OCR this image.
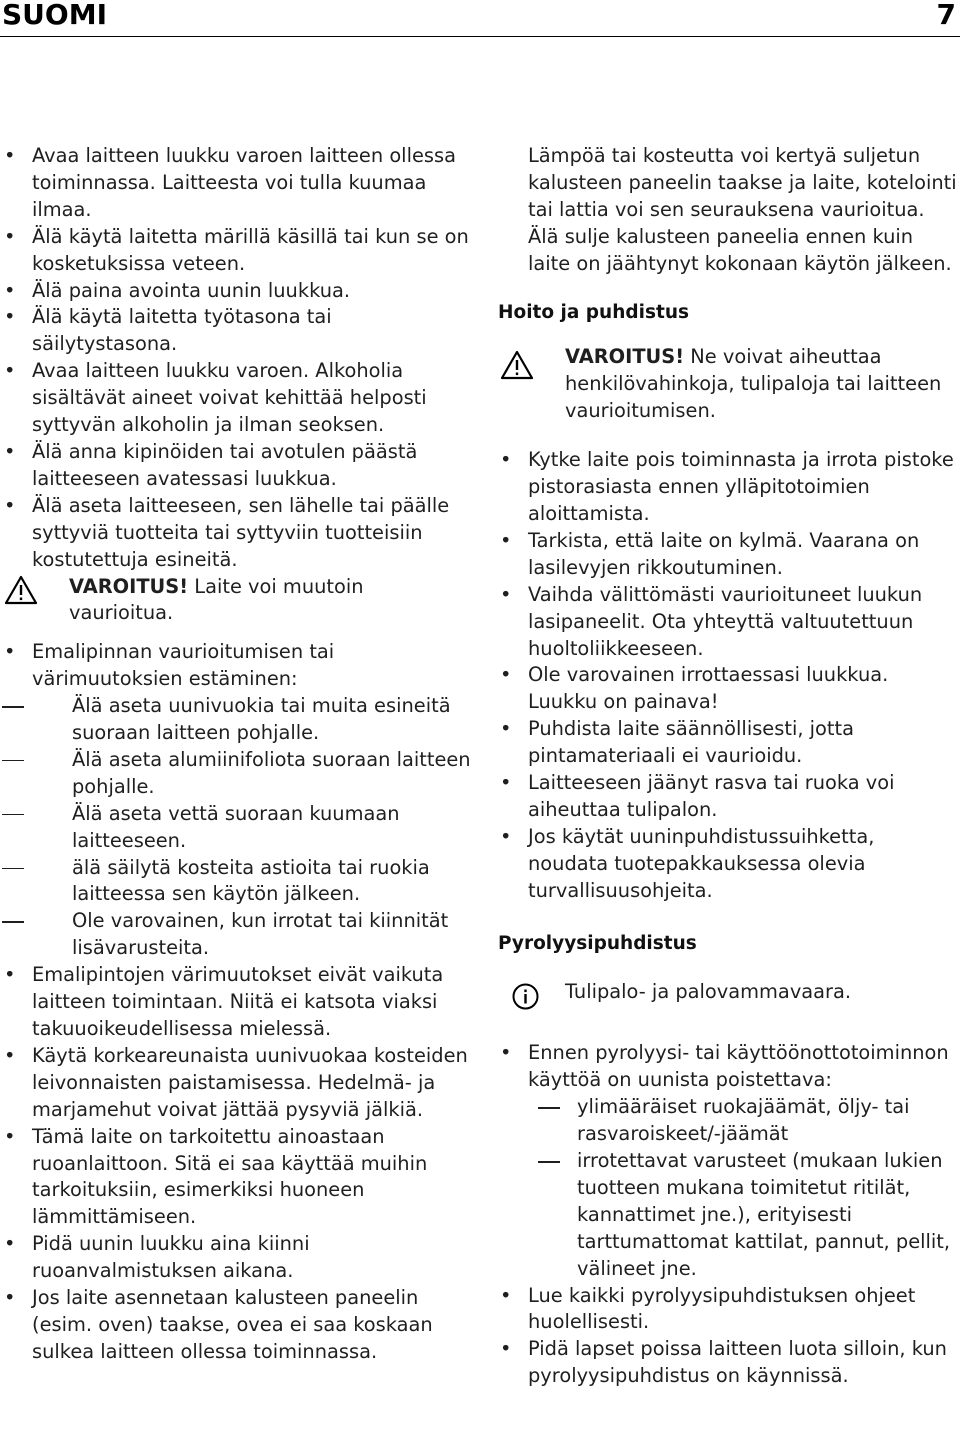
SUOMI	7
• Avaa laitteen luukku varoen laitteen ollessa toiminnassa. Laitteesta voi tulla kuumaa ilmaa.
• Älä käytä laitetta märillä käsillä tai kun se on kosketuksissa veteen.
• Älä paina avointa uunin luukkua.
• Älä käytä laitetta työtasona tai säilytystasona.
• Avaa laitteen luukku varoen. Alkoholia sisältävät aineet voivat kehittää helposti syttyvän alkoholin ja ilman seoksen.
• Älä anna kipinöiden tai avotulen päästä laitteeseen avatessasi luukkua.
• Älä aseta laitteeseen, sen lähelle tai päälle syttyviä tuotteita tai syttyviin tuotteisiin kostutettuja esineitä.
VAROITUS! Laite voi muutoin vaurioitua.
• Emalipinnan vaurioitumisen tai värimuutoksien estäminen:
Älä aseta uunivuokia tai muita esineitä suoraan laitteen pohjalle.
Älä aseta alumiinifoliota suoraan laitteen pohjalle.
Älä aseta vettä suoraan kuumaan laitteeseen.
älä säilytä kosteita astioita tai ruokia laitteessa sen käytön jälkeen.
Ole varovainen, kun irrotat tai kiinnität lisävarusteita.
• Emalipintojen värimuutokset eivät vaikuta laitteen toimintaan. Niitä ei katsota viaksi takuuoikeudellisessa mielessä.
• Käytä korkeareunaista uunivuokaa kosteiden leivonnaisten paistamisessa. Hedelmä- ja marjamehut voivat jättää pysyviä jälkiä.
• Tämä laite on tarkoitettu ainoastaan ruoanlaittoon. Sitä ei saa käyttää muihin tarkoituksiin, esimerkiksi huoneen lämmittämiseen.
• Pidä uunin luukku aina kiinni ruoanvalmistuksen aikana.
• Jos laite asennetaan kalusteen paneelin (esim. oven) taakse, ovea ei saa koskaan sulkea laitteen ollessa toiminnassa.

Lämpöä tai kosteutta voi kertyä suljetun kalusteen paneelin taakse ja laite, kotelointi tai lattia voi sen seurauksena vaurioitua. Älä sulje kalusteen paneelia ennen kuin laite on jäähtynyt kokonaan käytön jälkeen.

Hoito ja puhdistus
VAROITUS! Ne voivat aiheuttaa henkilövahinkoja, tulipaloja tai laitteen vaurioitumisen.
• Kytke laite pois toiminnasta ja irrota pistoke pistorasiasta ennen ylläpitotoimien aloittamista.
• Tarkista, että laite on kylmä. Vaarana on lasilevyjen rikkoutuminen.
• Vaihda välittömästi vaurioituneet luukun lasipaneelit. Ota yhteyttä valtuutettuun huoltoliikkeeseen.
• Ole varovainen irrottaessasi luukkua. Luukku on painava!
• Puhdista laite säännöllisesti, jotta pintamateriaali ei vaurioidu.
• Laitteeseen jäänyt rasva tai ruoka voi aiheuttaa tulipalon.
• Jos käytät uuninpuhdistussuihketta, noudata tuotepakkauksessa olevia turvallisuusohjeita.
Pyrolyysipuhdistus
Tulipalo- ja palovammavaara.
• Ennen pyrolyysi- tai käyttöönottotoiminnon käyttöä on uunista poistettava:
ylimääräiset ruokajäämät, öljy- tai rasvaroiskeet/-jäämät
irrotettavat varusteet (mukaan lukien tuotteen mukana toimitetut ritilät, kannattimet jne.), erityisesti tarttumattomat kattilat, pannut, pellit, välineet jne.
• Lue kaikki pyrolyysipuhdistuksen ohjeet huolellisesti.
• Pidä lapset poissa laitteen luota silloin, kun pyrolyysipuhdistus on käynnissä.
